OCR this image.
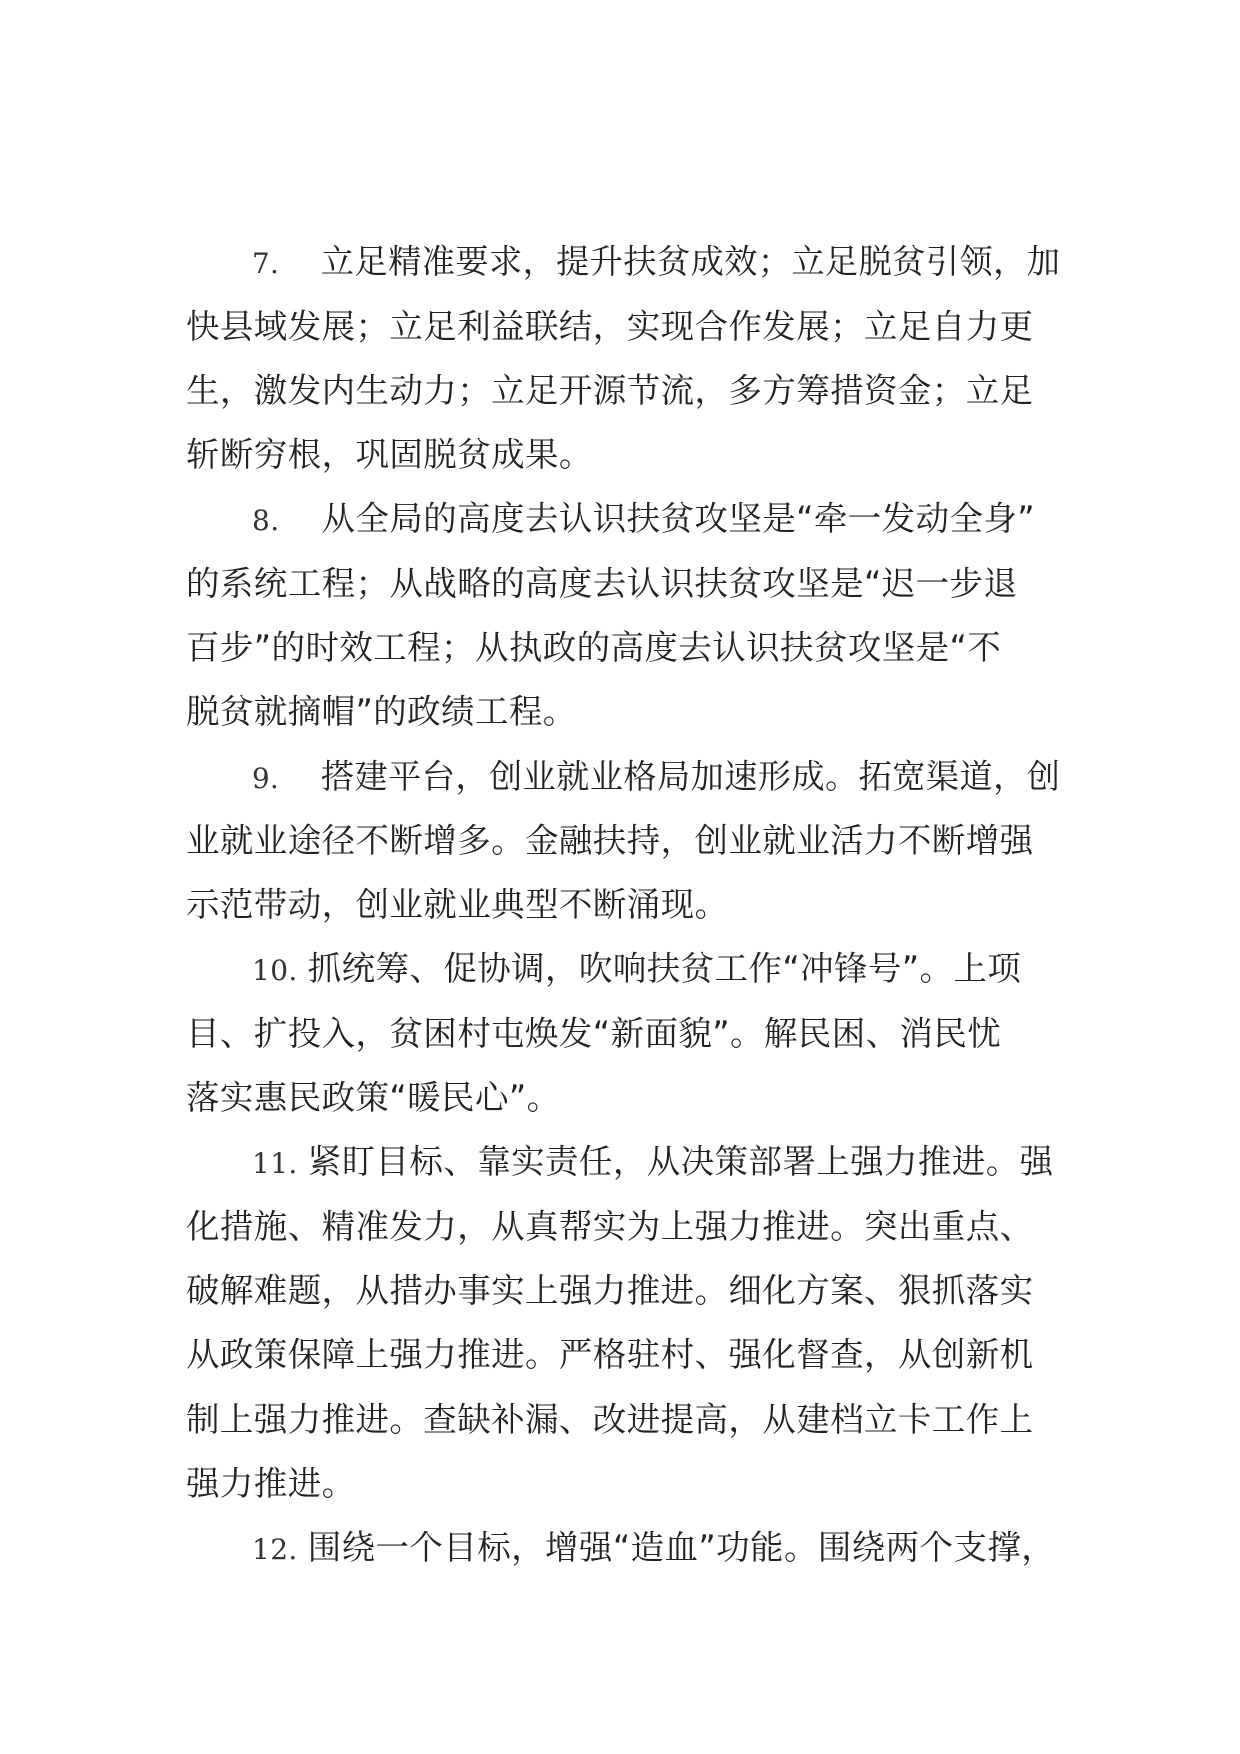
7. 立足精准要求，提升扶贫成效；立足脱贫引领，加
快县域发展；立足利益联结，实现合作发展；立足自力更
生，激发内生动力；立足开源节流，多方筹措资金；立足
斩断穷根，巩固脱贫成果。
8. 从全局的高度去认识扶贫攻坚是“牵一发动全身”
的系统工程；从战略的高度去认识扶贫攻坚是“迟一步退
百步”的时效工程；从执政的高度去认识扶贫攻坚是“不
脱贫就摘帽”的政绩工程。
9. 搭建平台，创业就业格局加速形成。拓宽渠道，创
业就业途径不断增多。金融扶持，创业就业活力不断增强
示范带动，创业就业典型不断涌现。
10. 抓统筹、促协调，吹响扶贫工作“冲锋号”。上项
目、扩投入，贫困村屯焕发“新面貌”。解民困、消民忧
落实惠民政策“暖民心”。
11. 紧盯目标、靠实责任，从决策部署上强力推进。强
化措施、精准发力，从真帮实为上强力推进。突出重点、
破解难题，从措办事实上强力推进。细化方案、狠抓落实
从政策保障上强力推进。严格驻村、强化督查，从创新机
制上强力推进。查缺补漏、改进提高，从建档立卡工作上
强力推进。
12. 围绕一个目标，增强“造血”功能。围绕两个支撑，
